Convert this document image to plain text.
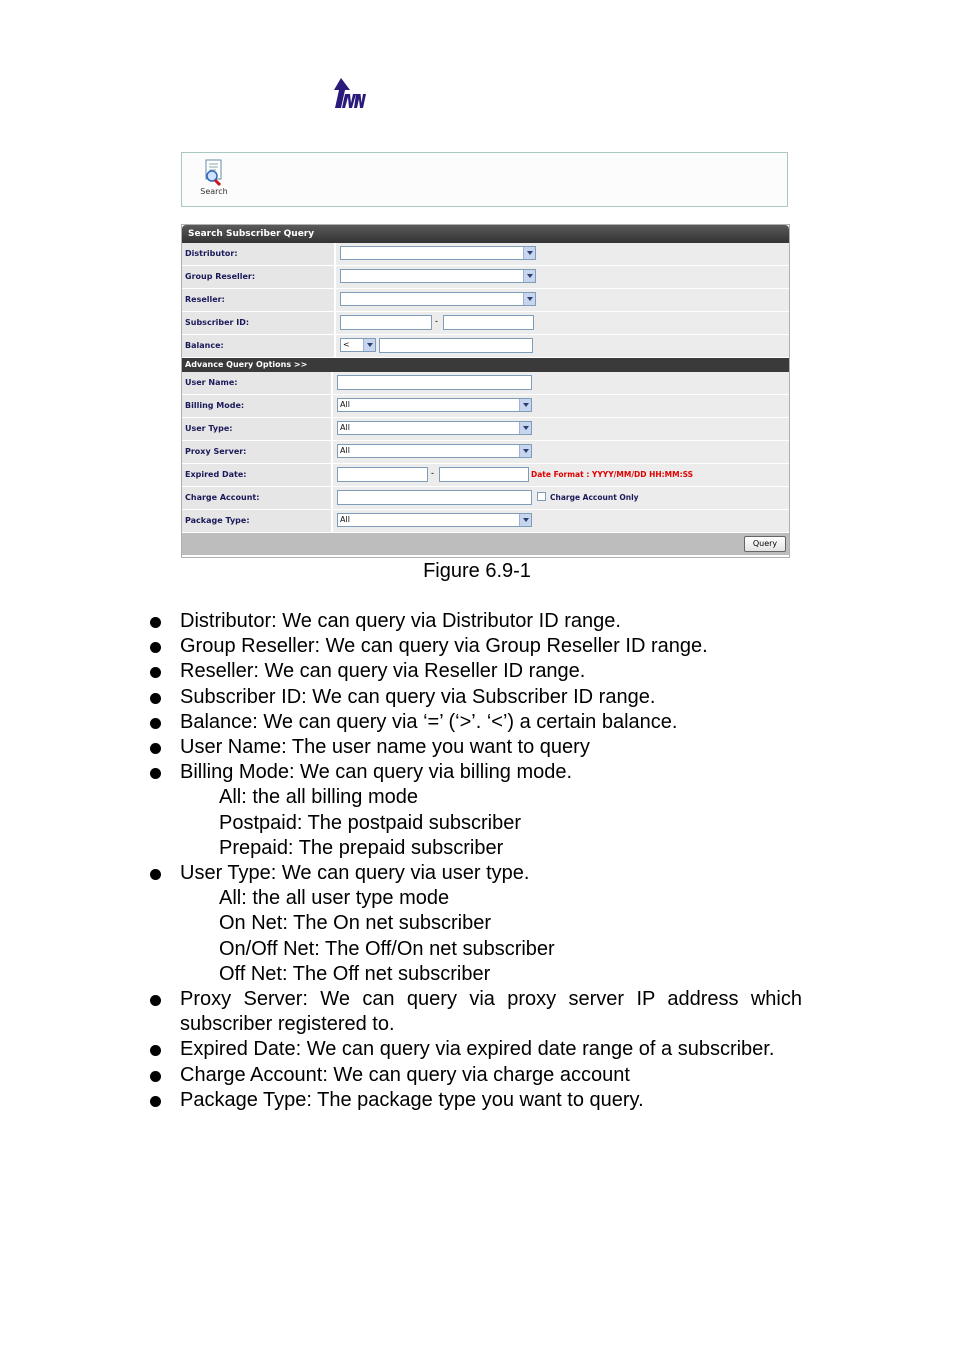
Search
Search Subscriber Query
Distributor:
Group Reseller:
Reseller:
Subscriber ID:	-
Balance:	<
Advance Query Options >>
User Name:
Billing Mode:	All
User Type:	All
Proxy Server:	All
Expired Date:	-	Date Format : YYYY/MM/DD HH:MM:SS
Charge Account:	Charge Account Only
Package Type:	All
Query
Figure 6.9-1
Distributor: We can query via Distributor ID range.
Group Reseller: We can query via Group Reseller ID range.
Reseller: We can query via Reseller ID range.
Subscriber ID: We can query via Subscriber ID range.
Balance: We can query via ‘=’ (‘>’. ‘<’) a certain balance.
User Name: The user name you want to query
Billing Mode: We can query via billing mode.
All: the all billing mode
Postpaid: The postpaid subscriber
Prepaid: The prepaid subscriber
User Type: We can query via user type.
All: the all user type mode
On Net: The On net subscriber
On/Off Net: The Off/On net subscriber
Off Net: The Off net subscriber
Proxy Server: We can query via proxy server IP address which subscriber registered to.
Expired Date: We can query via expired date range of a subscriber.
Charge Account: We can query via charge account
Package Type: The package type you want to query.
